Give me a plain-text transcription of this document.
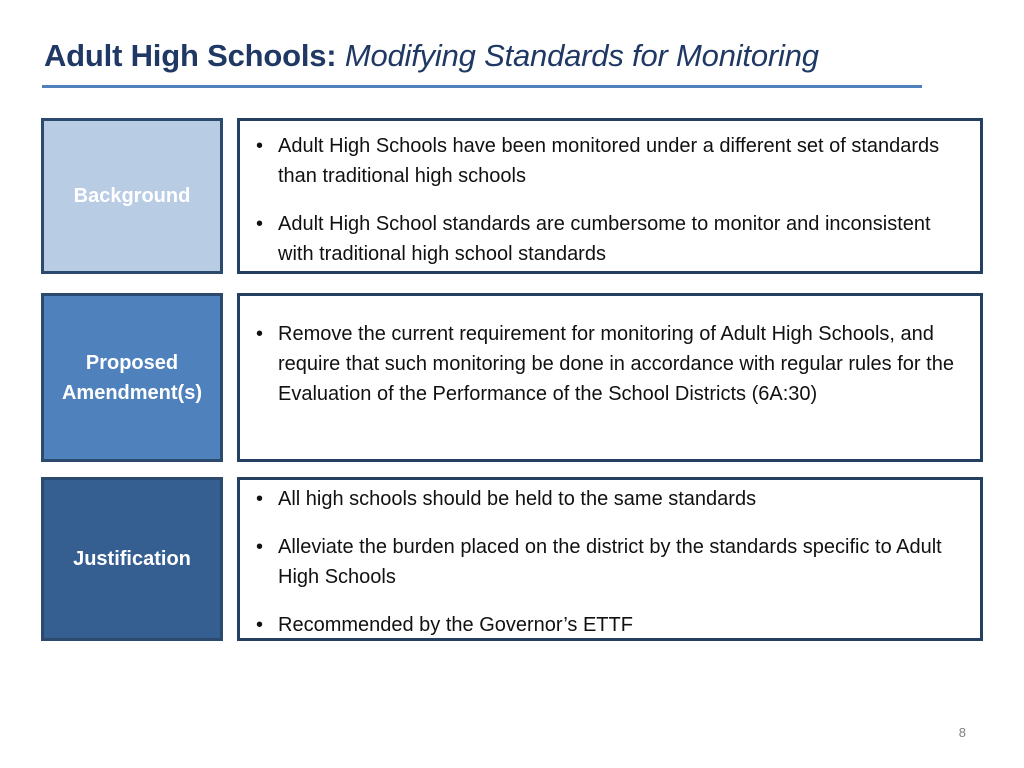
Adult High Schools: Modifying Standards for Monitoring
Background
• Adult High Schools have been monitored under a different set of standards than traditional high schools
• Adult High School standards are cumbersome to monitor and inconsistent with traditional high school standards
Proposed Amendment(s)
• Remove the current requirement for monitoring of Adult High Schools, and require that such monitoring be done in accordance with regular rules for the Evaluation of the Performance of the School Districts (6A:30)
Justification
• All high schools should be held to the same standards
• Alleviate the burden placed on the district by the standards specific to Adult High Schools
• Recommended by the Governor’s ETTF
8
